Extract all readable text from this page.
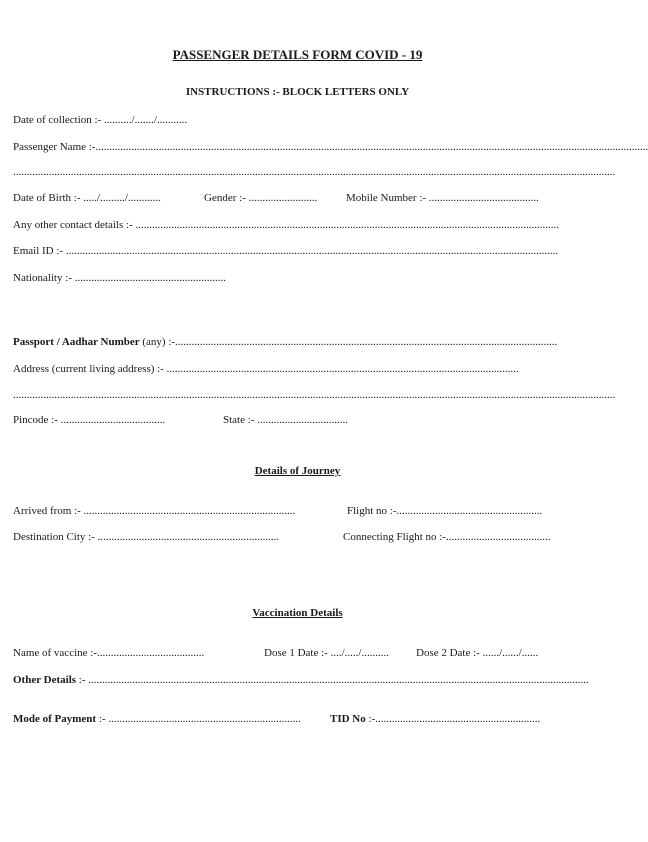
PASSENGER DETAILS FORM COVID - 19
INSTRUCTIONS :- BLOCK LETTERS ONLY
Date of collection :- ........../......./...........
Passenger Name :-.........................................................................................................................................................................................................
...........................................................................................................................................................................................................................
Date of Birth :- ...../........./............	Gender :- .........................	Mobile Number :- ........................................
Any other contact details :- ..........................................................................................................................................................
Email ID :- ...................................................................................................................................................................................
Nationality :- .......................................................
Passport / Aadhar Number (any) :-...........................................................................................................................................
Address (current living address) :- ................................................................................................................................
...........................................................................................................................................................................................................................
Pincode :- ......................................	State :- .................................
Details of Journey
Arrived from :- .............................................................................	Flight no :-.....................................................
Destination City :- ..................................................................	Connecting Flight no :-......................................
Vaccination Details
Name of vaccine :-.......................................	Dose 1 Date :- ..../...../.......... Dose 2 Date :- ....../....../......
Other Details :- ......................................................................................................................................................................................
Mode of Payment :- ......................................................................	TID No :-............................................................
